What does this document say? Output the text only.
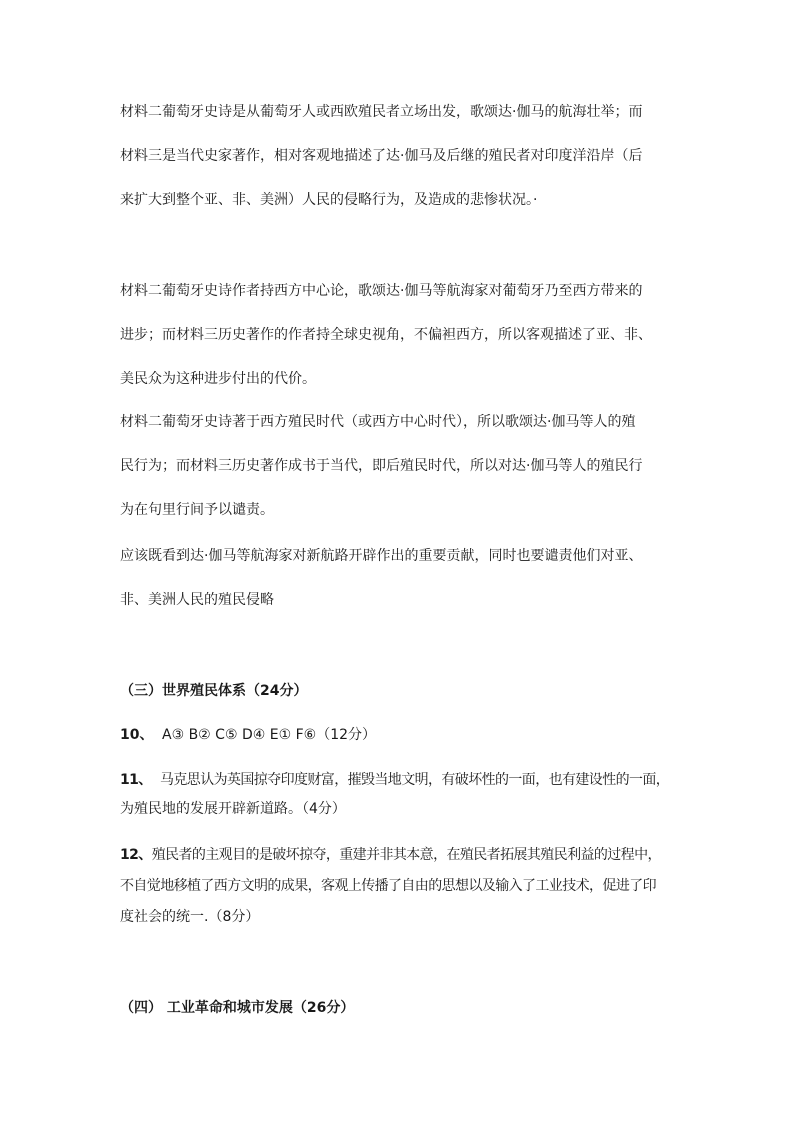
材料二葡萄牙史诗是从葡萄牙人或西欧殖民者立场出发，歌颂达·伽马的航海壮举；而
材料三是当代史家著作，相对客观地描述了达·伽马及后继的殖民者对印度洋沿岸（后
来扩大到整个亚、非、美洲）人民的侵略行为，及造成的悲惨状况。·
材料二葡萄牙史诗作者持西方中心论，歌颂达·伽马等航海家对葡萄牙乃至西方带来的
进步；而材料三历史著作的作者持全球史视角，不偏袒西方，所以客观描述了亚、非、
美民众为这种进步付出的代价。
材料二葡萄牙史诗著于西方殖民时代（或西方中心时代），所以歌颂达·伽马等人的殖
民行为；而材料三历史著作成书于当代，即后殖民时代，所以对达·伽马等人的殖民行
为在句里行间予以谴责。
应该既看到达·伽马等航海家对新航路开辟作出的重要贡献，同时也要谴责他们对亚、
非、美洲人民的殖民侵略
（三）世界殖民体系（24分）
10、 A③ B② C⑤ D④ E① F⑥（12分）
11、 马克思认为英国掠夺印度财富，摧毁当地文明，有破坏性的一面，也有建设性的一面，
为殖民地的发展开辟新道路。（4分）
12、殖民者的主观目的是破坏掠夺，重建并非其本意，在殖民者拓展其殖民利益的过程中，
不自觉地移植了西方文明的成果，客观上传播了自由的思想以及输入了工业技术，促进了印
度社会的统一.（8分）
（四） 工业革命和城市发展（26分）
